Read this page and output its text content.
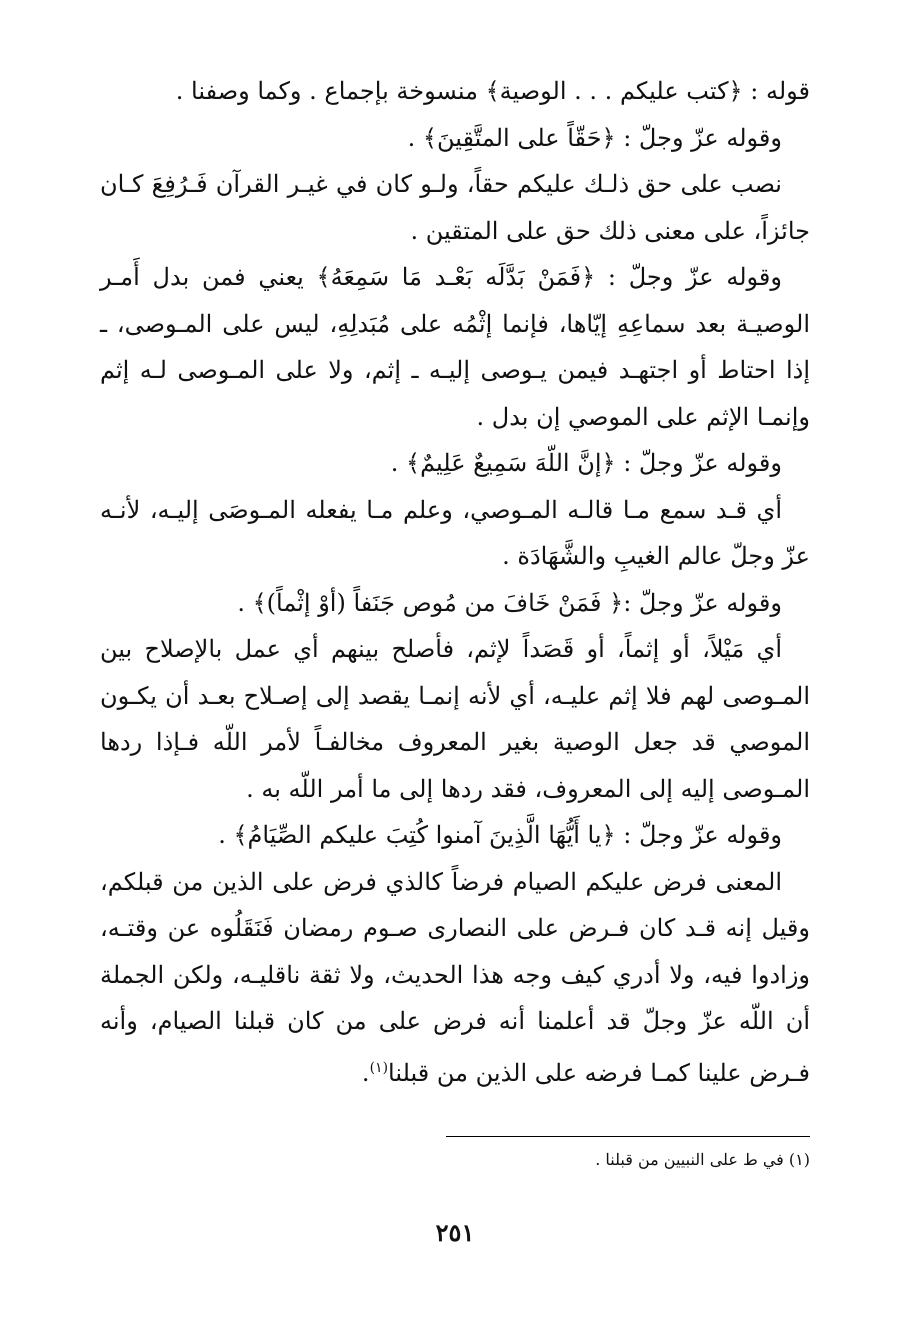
قوله : ﴿كتب عليكم . . . الوصية﴾ منسوخة بإجماع . وكما وصفنا .

وقوله عزّ وجلّ : ﴿حَقّاً على المتَّقِينَ﴾ .

نصب على حق ذلـك عليكم حقاً، ولـو كان في غيـر القرآن فَـرُفِعَ كـان جائزاً، على معنى ذلك حق على المتقين .

وقوله عزّ وجلّ : ﴿فَمَنْ بَدَّلَه بَعْـد مَا سَمِعَهُ﴾ يعني فمن بدل أَمـر الوصيـة بعد سماعِهِ إيّاها، فإنما إثْمُه على مُبَدلِهِ، ليس على المـوصى، ـ إذا احتاط أو اجتهـد فيمن يـوصى إليـه ـ إثم، ولا على المـوصى لـه إثم وإنمـا الإثم على الموصي إن بدل .

وقوله عزّ وجلّ : ﴿إنَّ اللّهَ سَمِيعٌ عَلِيمٌ﴾ .

أي قـد سمع مـا قالـه المـوصي، وعلم مـا يفعله المـوصَى إليـه، لأنـه عزّ وجلّ عالم الغيبِ والشَّهَادَة .

وقوله عزّ وجلّ :﴿ فَمَنْ خَافَ من مُوص جَنَفاً (أوْ إثْماً)﴾ .

أي مَيْلاً، أو إثماً، أو قَصَداً لإثم، فأصلح بينهم أي عمل بالإصلاح بين المـوصى لهم فلا إثم عليـه، أي لأنه إنمـا يقصد إلى إصـلاح بعـد أن يكـون الموصي قد جعل الوصية بغير المعروف مخالفـاً لأمر اللّه فـإذا ردها المـوصى إليه إلى المعروف، فقد ردها إلى ما أمر اللّه به .

وقوله عزّ وجلّ : ﴿يا أَيُّهَا الَّذِينَ آمنوا كُتِبَ عليكم الصِّيَامُ﴾ .

المعنى فرض عليكم الصيام فرضاً كالذي فرض على الذين من قبلكم، وقيل إنه قـد كان فـرض على النصارى صـوم رمضان فَنَقَلُوه عن وقتـه، وزادوا فيه، ولا أدري كيف وجه هذا الحديث، ولا ثقة ناقليـه، ولكن الجملة أن اللّه عزّ وجلّ قد أعلمنا أنه فرض على من كان قبلنا الصيام، وأنه فـرض علينا كمـا فرضه على الذين من قبلنا$^{(١)}$.

(١) في ط على النبيين من قبلنا .

٢٥١
